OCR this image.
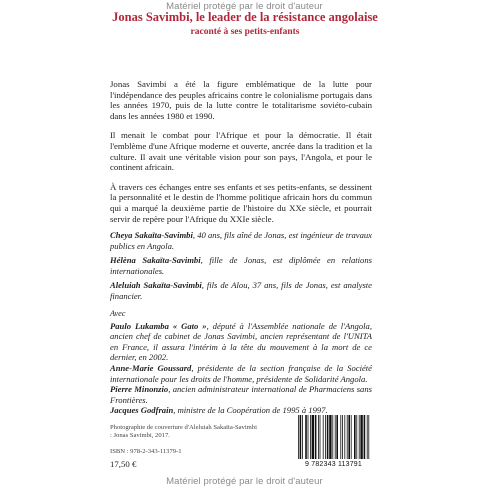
Matériel protégé par le droit d'auteur
Jonas Savimbi, le leader de la résistance angolaise
raconté à ses petits-enfants

Jonas Savimbi a été la figure emblématique de la lutte pour l'indépendance des peuples africains contre le colonialisme portugais dans les années 1970, puis de la lutte contre le totalitarisme soviéto-cubain dans les années 1980 et 1990.

Il menait le combat pour l'Afrique et pour la démocratie. Il était l'emblème d'une Afrique moderne et ouverte, ancrée dans la tradition et la culture. Il avait une véritable vision pour son pays, l'Angola, et pour le continent africain.

À travers ces échanges entre ses enfants et ses petits-enfants, se dessinent la personnalité et le destin de l'homme politique africain hors du commun qui a marqué la deuxième partie de l'histoire du XXe siècle, et pourrait servir de repère pour l'Afrique du XXIe siècle.

Cheya Sakaïta-Savimbi, 40 ans, fils aîné de Jonas, est ingénieur de travaux publics en Angola.

Hélèna Sakaïta-Savimbi, fille de Jonas, est diplômée en relations internationales.

Aleluiah Sakaïta-Savimbi, fils de Alou, 37 ans, fils de Jonas, est analyste financier.

Avec

Paulo Lukamba « Gato », député à l'Assemblée nationale de l'Angola, ancien chef de cabinet de Jonas Savimbi, ancien représentant de l'UNITA en France, il assura l'intérim à la tête du mouvement à la mort de ce dernier, en 2002.

Anne-Marie Goussard, présidente de la section française de la Société internationale pour les droits de l'homme, présidente de Solidarité Angola.

Pierre Minonzio, ancien administrateur international de Pharmaciens sans Frontières.

Jacques Godfrain, ministre de la Coopération de 1995 à 1997.

Photographie de couverture d'Aleluiah Sakaïta-Savimbi : Jonas Savimbi, 2017.
ISBN : 978-2-343-11379-1
17,50 €	9 782343 113791
Matériel protégé par le droit d'auteur
